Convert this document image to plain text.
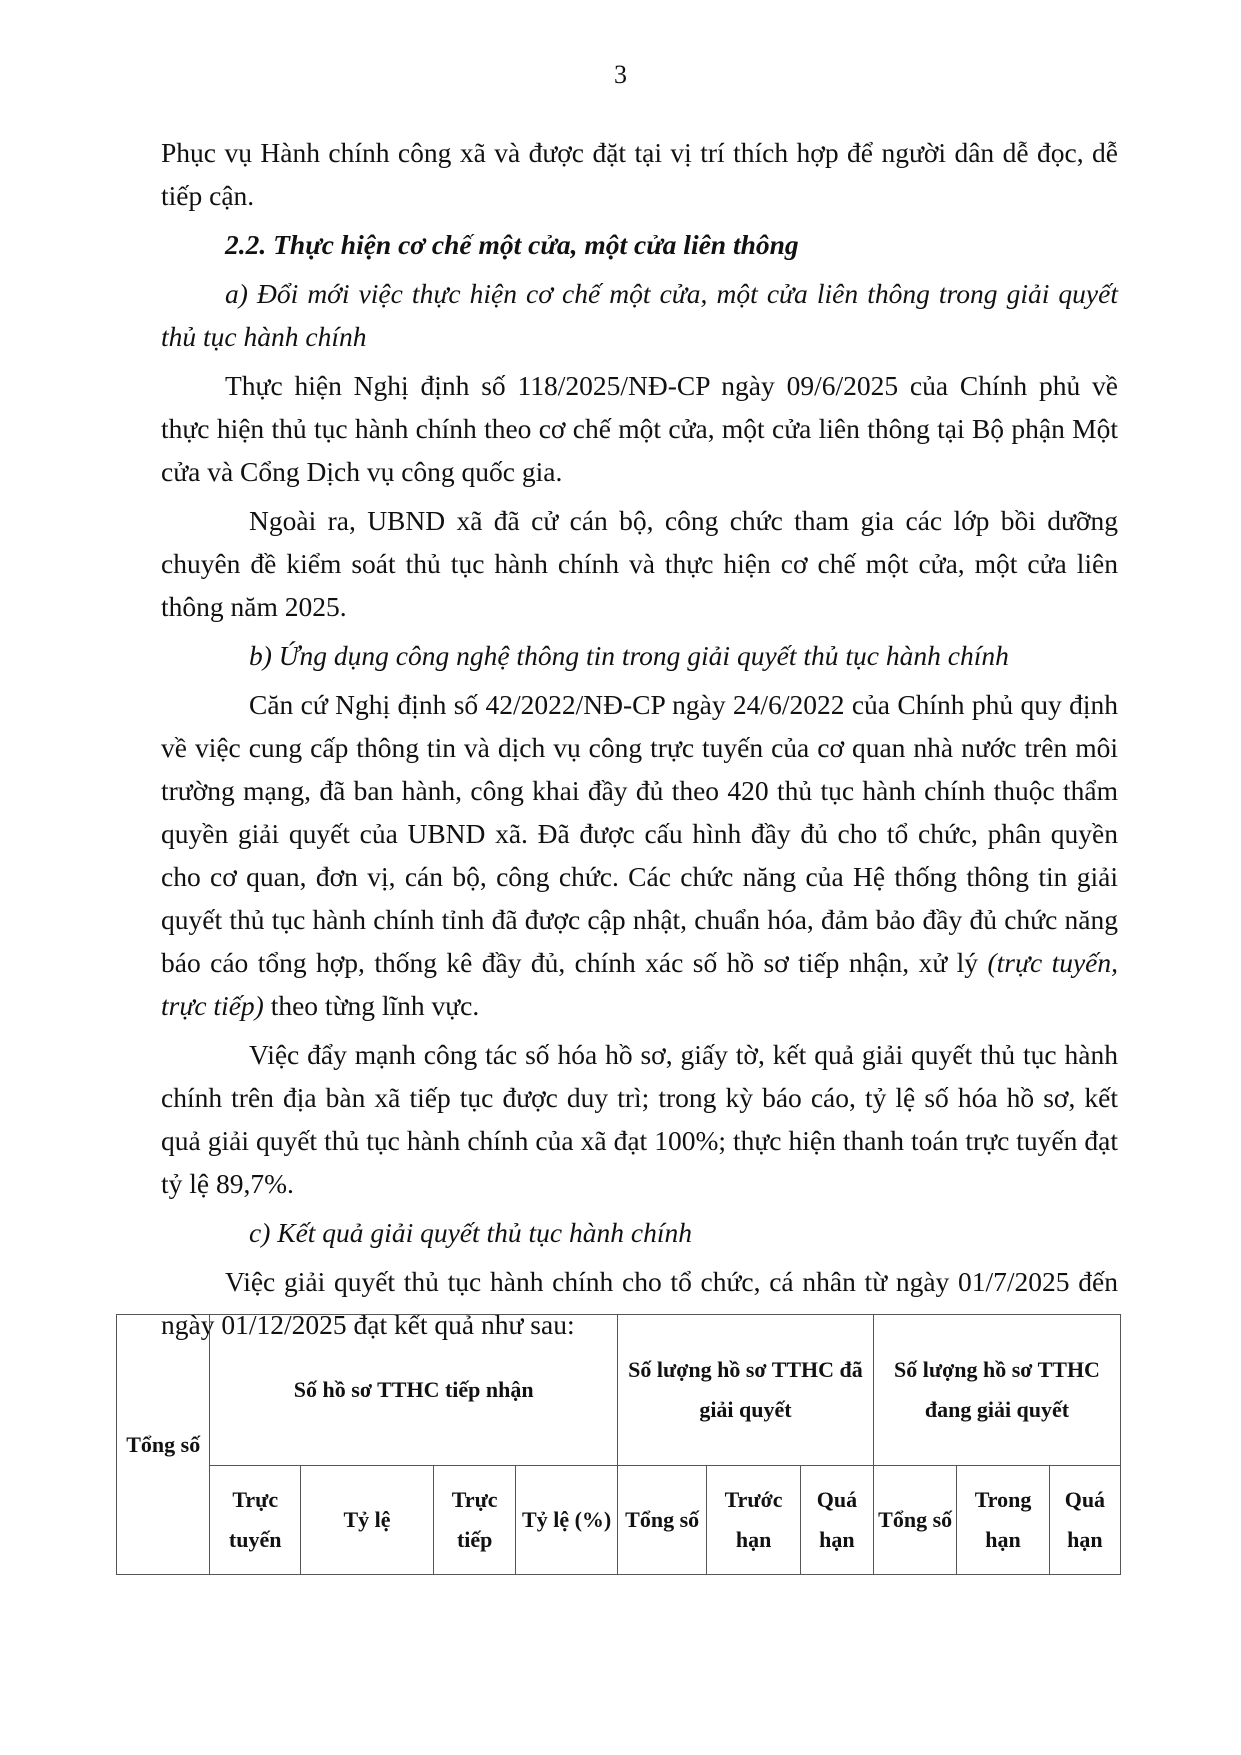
3

Phục vụ Hành chính công xã và được đặt tại vị trí thích hợp để người dân dễ đọc, dễ tiếp cận.

2.2. Thực hiện cơ chế một cửa, một cửa liên thông

a) Đổi mới việc thực hiện cơ chế một cửa, một cửa liên thông trong giải quyết thủ tục hành chính

Thực hiện Nghị định số 118/2025/NĐ-CP ngày 09/6/2025 của Chính phủ về thực hiện thủ tục hành chính theo cơ chế một cửa, một cửa liên thông tại Bộ phận Một cửa và Cổng Dịch vụ công quốc gia.

Ngoài ra, UBND xã đã cử cán bộ, công chức tham gia các lớp bồi dưỡng chuyên đề kiểm soát thủ tục hành chính và thực hiện cơ chế một cửa, một cửa liên thông năm 2025.

b) Ứng dụng công nghệ thông tin trong giải quyết thủ tục hành chính

Căn cứ Nghị định số 42/2022/NĐ-CP ngày 24/6/2022 của Chính phủ quy định về việc cung cấp thông tin và dịch vụ công trực tuyến của cơ quan nhà nước trên môi trường mạng, đã ban hành, công khai đầy đủ theo 420 thủ tục hành chính thuộc thẩm quyền giải quyết của UBND xã. Đã được cấu hình đầy đủ cho tổ chức, phân quyền cho cơ quan, đơn vị, cán bộ, công chức. Các chức năng của Hệ thống thông tin giải quyết thủ tục hành chính tỉnh đã được cập nhật, chuẩn hóa, đảm bảo đầy đủ chức năng báo cáo tổng hợp, thống kê đầy đủ, chính xác số hồ sơ tiếp nhận, xử lý (trực tuyến, trực tiếp) theo từng lĩnh vực.

Việc đẩy mạnh công tác số hóa hồ sơ, giấy tờ, kết quả giải quyết thủ tục hành chính trên địa bàn xã tiếp tục được duy trì; trong kỳ báo cáo, tỷ lệ số hóa hồ sơ, kết quả giải quyết thủ tục hành chính của xã đạt 100%; thực hiện thanh toán trực tuyến đạt tỷ lệ 89,7%.

c) Kết quả giải quyết thủ tục hành chính

Việc giải quyết thủ tục hành chính cho tổ chức, cá nhân từ ngày 01/7/2025 đến ngày 01/12/2025 đạt kết quả như sau:

Tổng số	Số hồ sơ TTHC tiếp nhận				Số lượng hồ sơ TTHC đã giải quyết			Số lượng hồ sơ TTHC đang giải quyết		
	Trực tuyến	Tỷ lệ	Trực tiếp	Tỷ lệ (%)	Tổng số	Trước hạn	Quá hạn	Tổng số	Trong hạn	Quá hạn
